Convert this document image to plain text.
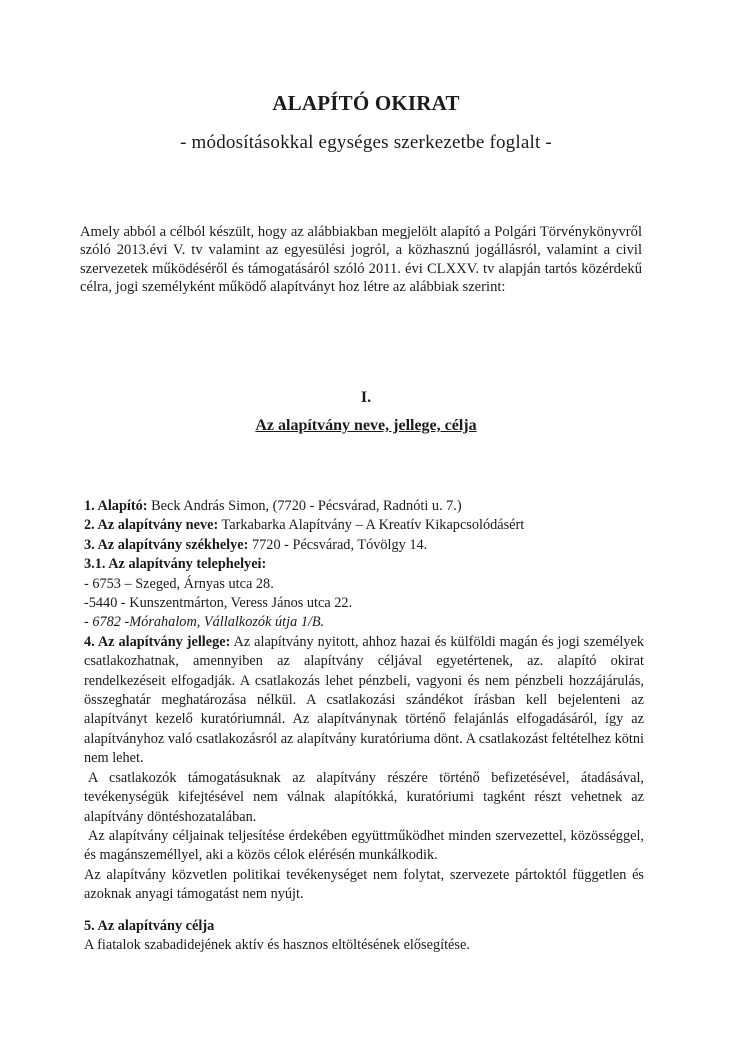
ALAPÍTÓ OKIRAT
- módosításokkal egységes szerkezetbe foglalt -
Amely abból a célból készült, hogy az alábbiakban megjelölt alapító a Polgári Törvénykönyvről szóló 2013.évi V. tv valamint az egyesülési jogról, a közhasznú jogállásról, valamint a civil szervezetek működéséről és támogatásáról szóló 2011. évi CLXXV. tv alapján tartós közérdekű célra, jogi személyként működő alapítványt hoz létre az alábbiak szerint:
I.
Az alapítvány neve, jellege, célja
1. Alapító: Beck András Simon, (7720 - Pécsvárad, Radnóti u. 7.)
2. Az alapítvány neve: Tarkabarka Alapítvány – A Kreatív Kikapcsolódásért
3. Az alapítvány székhelye: 7720 - Pécsvárad, Tóvölgy 14.
3.1. Az alapítvány telephelyei:
- 6753 – Szeged, Árnyas utca 28.
-5440 - Kunszentmárton, Veress János utca 22.
- 6782 -Mórahalom, Vállalkozók útja 1/B.
4. Az alapítvány jellege: Az alapítvány nyitott, ahhoz hazai és külföldi magán és jogi személyek csatlakozhatnak, amennyiben az alapítvány céljával egyetértenek, az. alapító okirat rendelkezéseit elfogadják. A csatlakozás lehet pénzbeli, vagyoni és nem pénzbeli hozzájárulás, összeghatár meghatározása nélkül. A csatlakozási szándékot írásban kell bejelenteni az alapítványt kezelő kuratóriumnál. Az alapítványnak történő felajánlás elfogadásáról, így az alapítványhoz való csatlakozásról az alapítvány kuratóriuma dönt. A csatlakozást feltételhez kötni nem lehet.
A csatlakozók támogatásuknak az alapítvány részére történő befizetésével, átadásával, tevékenységük kifejtésével nem válnak alapítókká, kuratóriumi tagként részt vehetnek az alapítvány döntéshozatalában.
Az alapítvány céljainak teljesítése érdekében együttműködhet minden szervezettel, közösséggel, és magánszeméllyel, aki a közös célok elérésén munkálkodik.
Az alapítvány közvetlen politikai tevékenységet nem folytat, szervezete pártoktól független és azoknak anyagi támogatást nem nyújt.
5. Az alapítvány célja
A fiatalok szabadidejének aktív és hasznos eltöltésének elősegítése.
